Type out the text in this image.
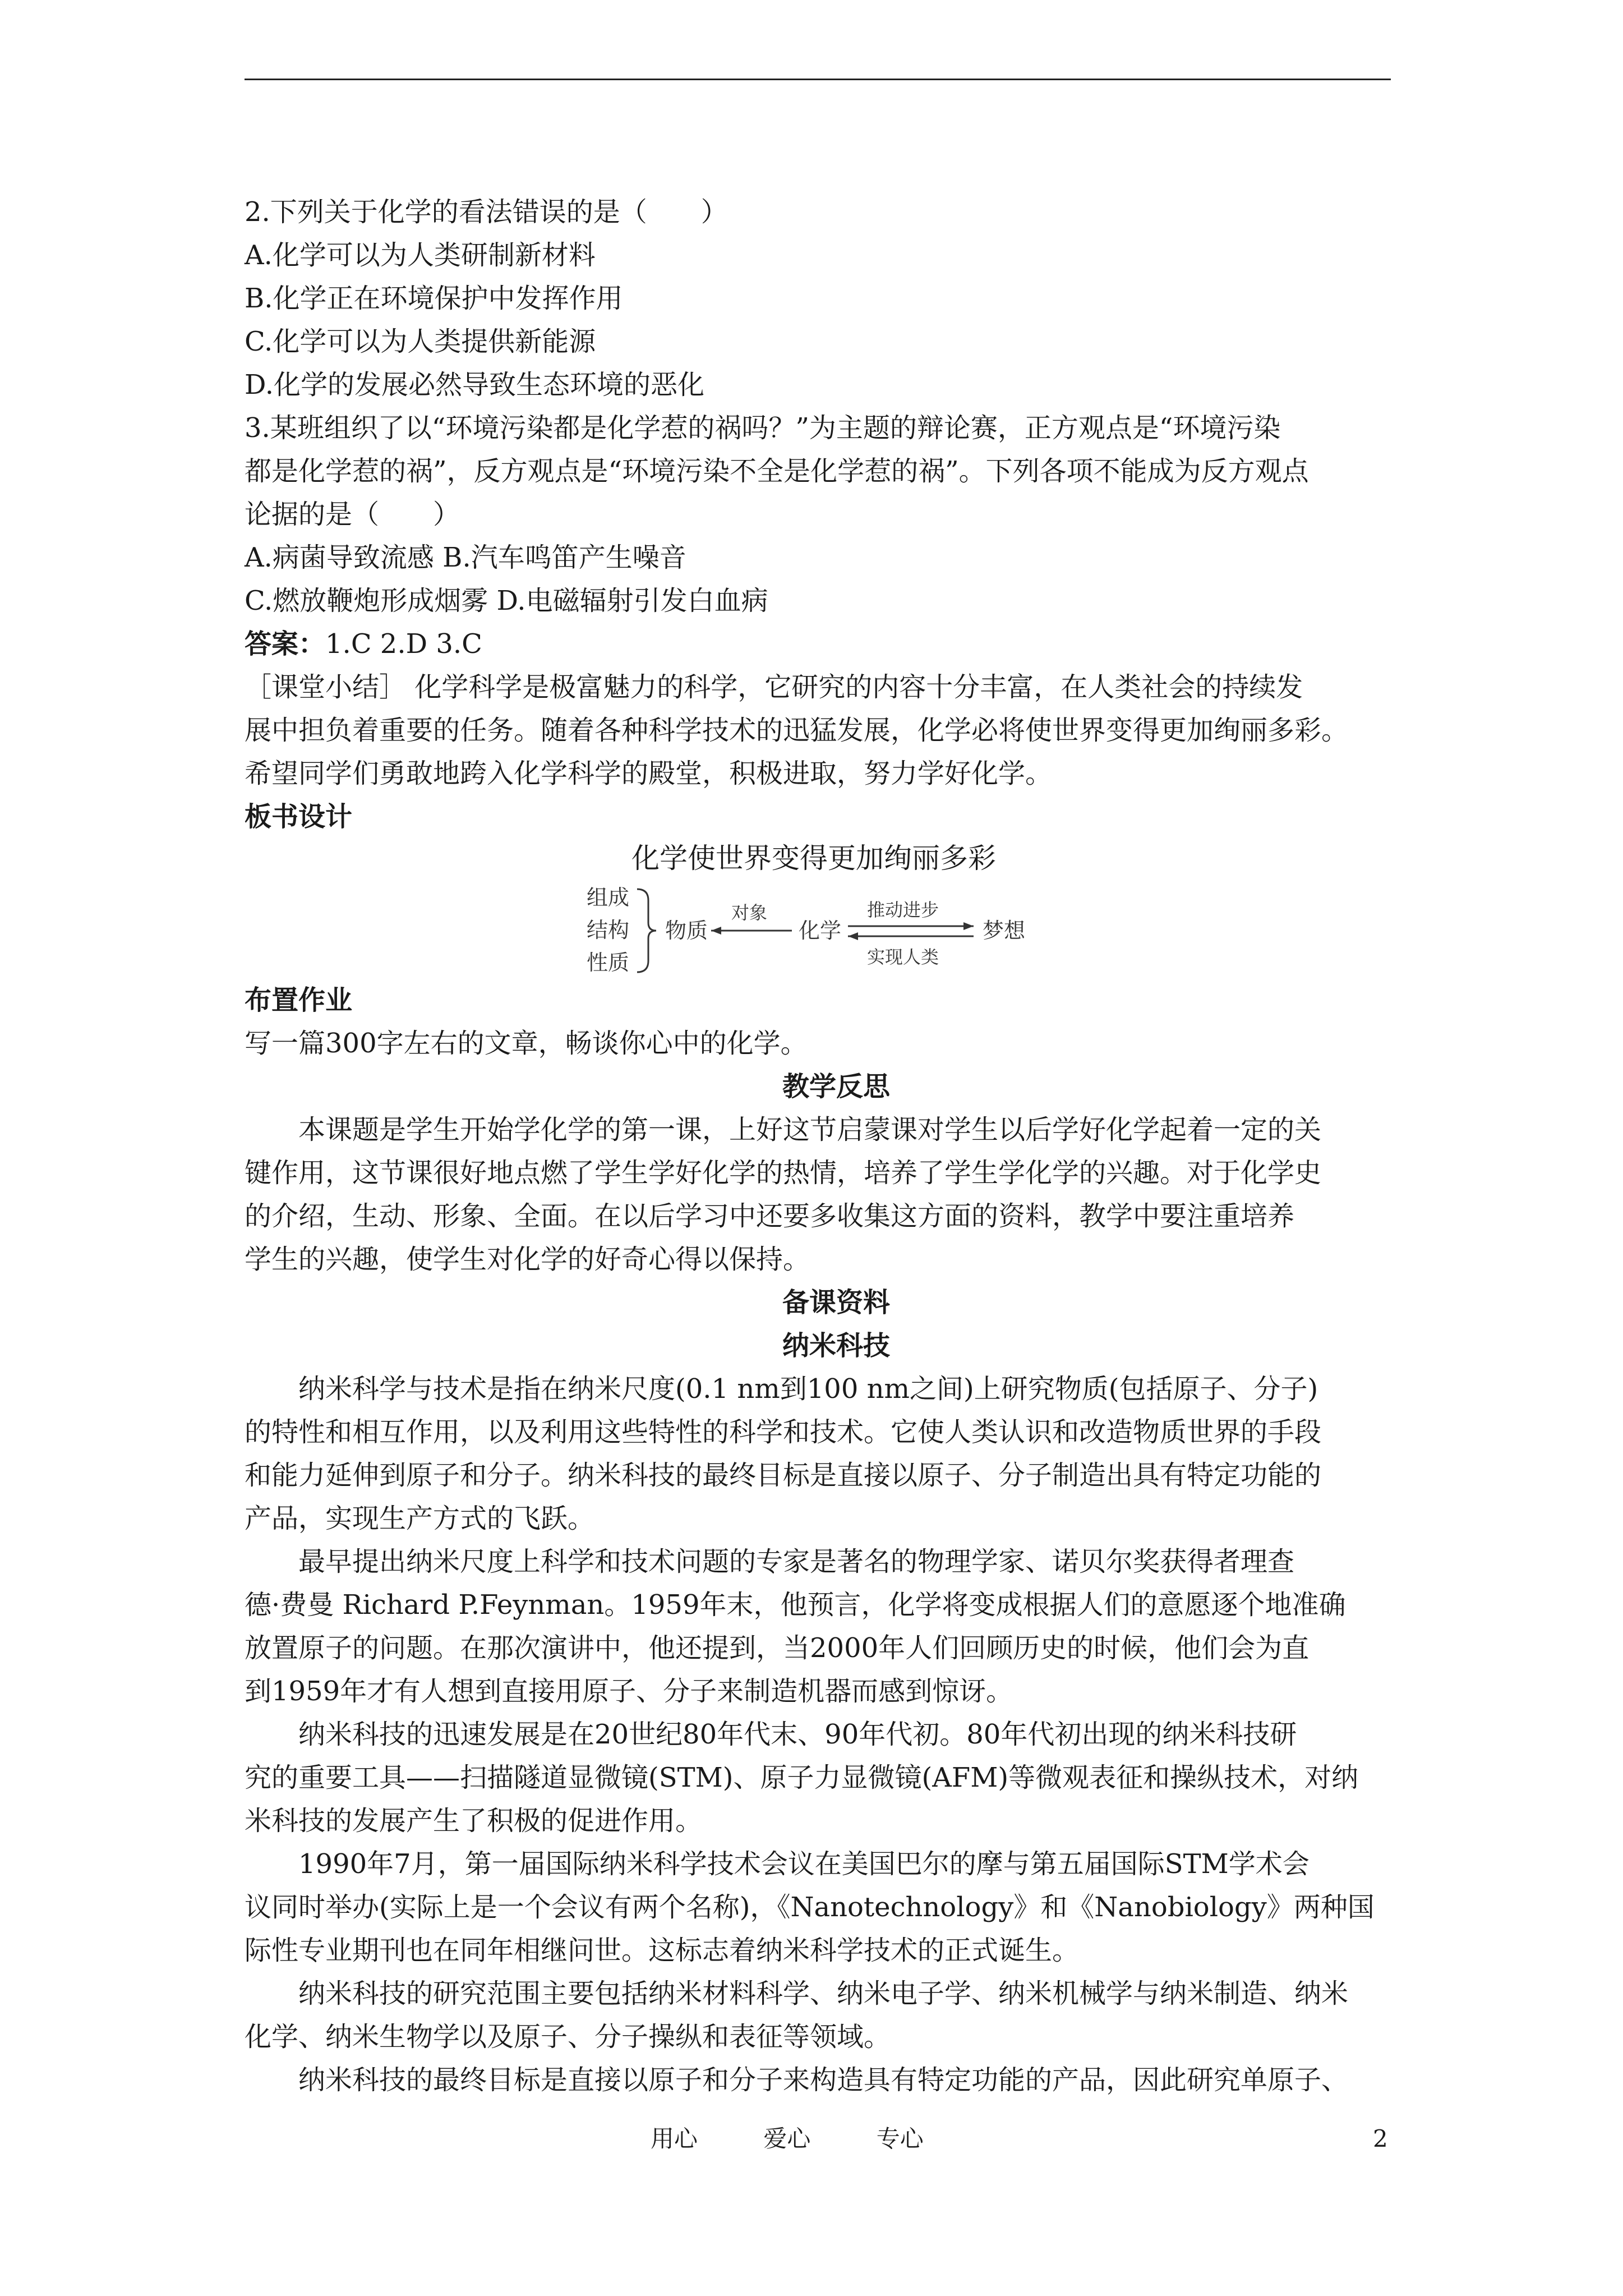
2.下列关于化学的看法错误的是（　　）

A.化学可以为人类研制新材料

B.化学正在环境保护中发挥作用

C.化学可以为人类提供新能源

D.化学的发展必然导致生态环境的恶化

3.某班组织了以“环境污染都是化学惹的祸吗？”为主题的辩论赛，正方观点是“环境污染

都是化学惹的祸”，反方观点是“环境污染不全是化学惹的祸”。下列各项不能成为反方观点

论据的是（　　）

A.病菌导致流感 B.汽车鸣笛产生噪音

C.燃放鞭炮形成烟雾 D.电磁辐射引发白血病

答案：1.C 2.D 3.C

［课堂小结］ 化学科学是极富魅力的科学，它研究的内容十分丰富，在人类社会的持续发

展中担负着重要的任务。随着各种科学技术的迅猛发展，化学必将使世界变得更加绚丽多彩。

希望同学们勇敢地跨入化学科学的殿堂，积极进取，努力学好化学。

板书设计

化学使世界变得更加绚丽多彩
组成
结构
性质
物质
对象
化学
推动进步
实现人类
梦想

布置作业

写一篇300字左右的文章，畅谈你心中的化学。

教学反思

本课题是学生开始学化学的第一课，上好这节启蒙课对学生以后学好化学起着一定的关

键作用，这节课很好地点燃了学生学好化学的热情，培养了学生学化学的兴趣。对于化学史

的介绍，生动、形象、全面。在以后学习中还要多收集这方面的资料，教学中要注重培养

学生的兴趣，使学生对化学的好奇心得以保持。

备课资料

纳米科技

纳米科学与技术是指在纳米尺度(0.1 nm到100 nm之间)上研究物质(包括原子、分子)

的特性和相互作用，以及利用这些特性的科学和技术。它使人类认识和改造物质世界的手段

和能力延伸到原子和分子。纳米科技的最终目标是直接以原子、分子制造出具有特定功能的

产品，实现生产方式的飞跃。

最早提出纳米尺度上科学和技术问题的专家是著名的物理学家、诺贝尔奖获得者理查

德·费曼 Richard P.Feynman。1959年末，他预言，化学将变成根据人们的意愿逐个地准确

放置原子的问题。在那次演讲中，他还提到，当2000年人们回顾历史的时候，他们会为直

到1959年才有人想到直接用原子、分子来制造机器而感到惊讶。

纳米科技的迅速发展是在20世纪80年代末、90年代初。80年代初出现的纳米科技研

究的重要工具——扫描隧道显微镜(STM)、原子力显微镜(AFM)等微观表征和操纵技术，对纳

米科技的发展产生了积极的促进作用。

1990年7月，第一届国际纳米科学技术会议在美国巴尔的摩与第五届国际STM学术会

议同时举办(实际上是一个会议有两个名称)，《Nanotechnology》和《Nanobiology》两种国

际性专业期刊也在同年相继问世。这标志着纳米科学技术的正式诞生。

纳米科技的研究范围主要包括纳米材料科学、纳米电子学、纳米机械学与纳米制造、纳米

化学、纳米生物学以及原子、分子操纵和表征等领域。

纳米科技的最终目标是直接以原子和分子来构造具有特定功能的产品，因此研究单原子、

用心	爱心	专心	2
